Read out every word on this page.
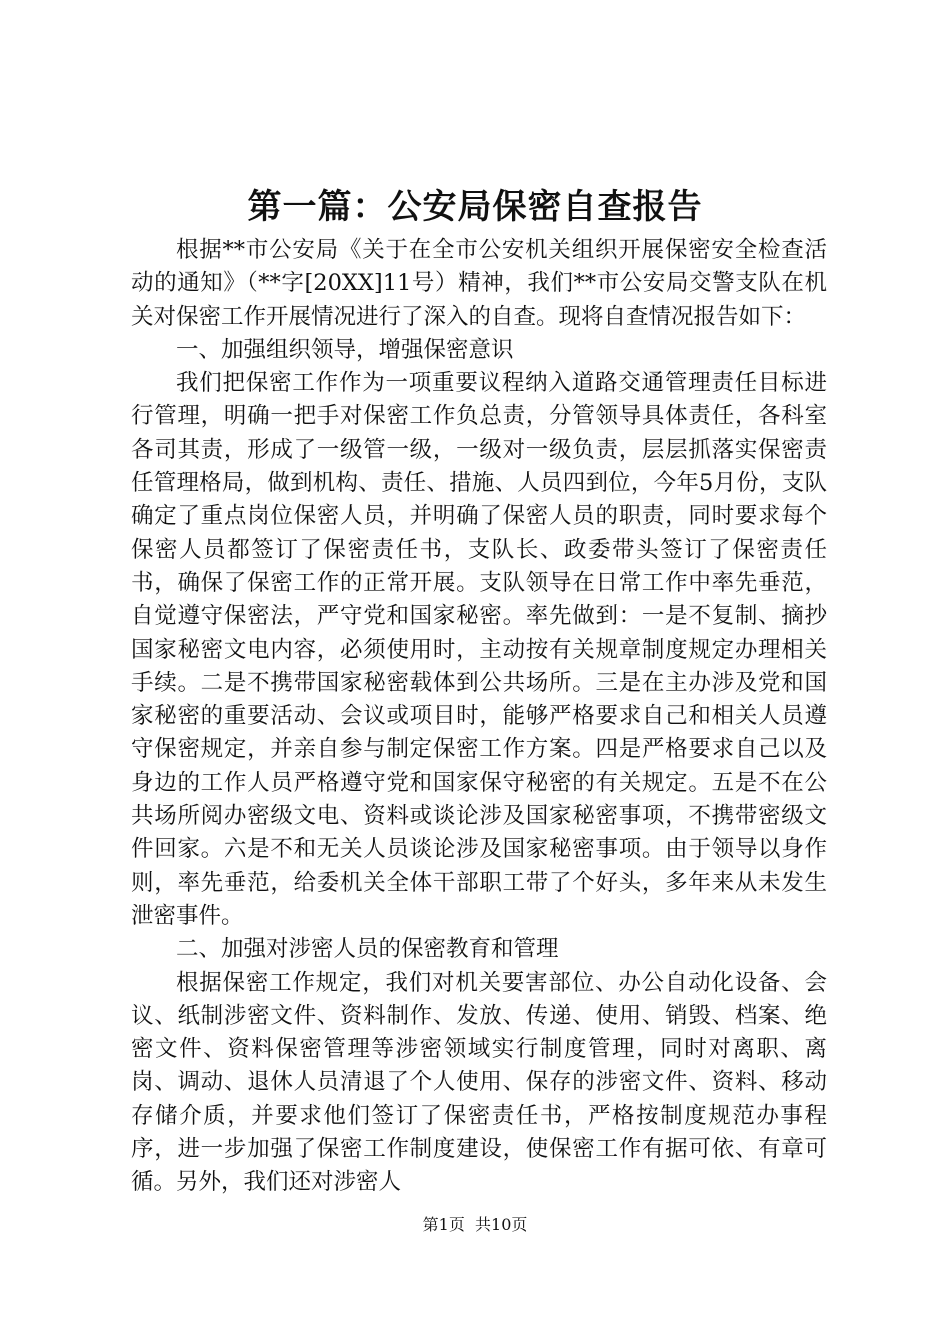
第一篇：公安局保密自查报告

根据**市公安局《关于在全市公安机关组织开展保密安全检查活动的通知》（**字[20XX]11号）精神，我们**市公安局交警支队在机关对保密工作开展情况进行了深入的自查。现将自查情况报告如下：

一、加强组织领导，增强保密意识

我们把保密工作作为一项重要议程纳入道路交通管理责任目标进行管理，明确一把手对保密工作负总责，分管领导具体责任，各科室各司其责，形成了一级管一级，一级对一级负责，层层抓落实保密责任管理格局，做到机构、责任、措施、人员四到位，今年5月份，支队确定了重点岗位保密人员，并明确了保密人员的职责，同时要求每个保密人员都签订了保密责任书，支队长、政委带头签订了保密责任书，确保了保密工作的正常开展。支队领导在日常工作中率先垂范，自觉遵守保密法，严守党和国家秘密。率先做到：一是不复制、摘抄国家秘密文电内容，必须使用时，主动按有关规章制度规定办理相关手续。二是不携带国家秘密载体到公共场所。三是在主办涉及党和国家秘密的重要活动、会议或项目时，能够严格要求自己和相关人员遵守保密规定，并亲自参与制定保密工作方案。四是严格要求自己以及身边的工作人员严格遵守党和国家保守秘密的有关规定。五是不在公共场所阅办密级文电、资料或谈论涉及国家秘密事项，不携带密级文件回家。六是不和无关人员谈论涉及国家秘密事项。由于领导以身作则，率先垂范，给委机关全体干部职工带了个好头，多年来从未发生泄密事件。

二、加强对涉密人员的保密教育和管理

根据保密工作规定，我们对机关要害部位、办公自动化设备、会议、纸制涉密文件、资料制作、发放、传递、使用、销毁、档案、绝密文件、资料保密管理等涉密领域实行制度管理，同时对离职、离岗、调动、退休人员清退了个人使用、保存的涉密文件、资料、移动存储介质，并要求他们签订了保密责任书，严格按制度规范办事程序，进一步加强了保密工作制度建设，使保密工作有据可依、有章可循。另外，我们还对涉密人

第1页 共10页
